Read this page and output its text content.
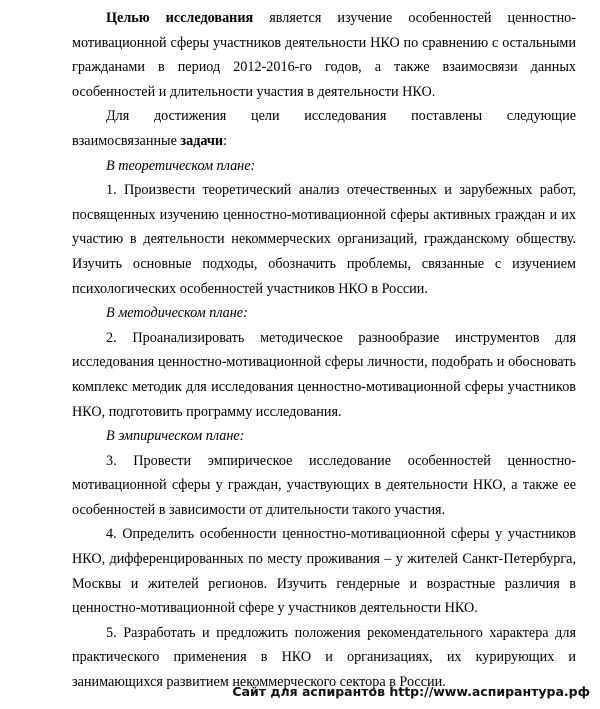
Целью исследования является изучение особенностей ценностно-мотивационной сферы участников деятельности НКО по сравнению с остальными гражданами в период 2012-2016-го годов, а также взаимосвязи данных особенностей и длительности участия в деятельности НКО.

Для достижения цели исследования поставлены следующие взаимосвязанные задачи:

В теоретическом плане:

1. Произвести теоретический анализ отечественных и зарубежных работ, посвященных изучению ценностно-мотивационной сферы активных граждан и их участию в деятельности некоммерческих организаций, гражданскому обществу. Изучить основные подходы, обозначить проблемы, связанные с изучением психологических особенностей участников НКО в России.

В методическом плане:

2. Проанализировать методическое разнообразие инструментов для исследования ценностно-мотивационной сферы личности, подобрать и обосновать комплекс методик для исследования ценностно-мотивационной сферы участников НКО, подготовить программу исследования.

В эмпирическом плане:

3. Провести эмпирическое исследование особенностей ценностно-мотивационной сферы у граждан, участвующих в деятельности НКО, а также ее особенностей в зависимости от длительности такого участия.

4. Определить особенности ценностно-мотивационной сферы у участников НКО, дифференцированных по месту проживания – у жителей Санкт-Петербурга, Москвы и жителей регионов. Изучить гендерные и возрастные различия в ценностно-мотивационной сфере у участников деятельности НКО.

5. Разработать и предложить положения рекомендательного характера для практического применения в НКО и организациях, их курирующих и занимающихся развитием некоммерческого сектора в России.

Сайт для аспирантов http://www.аспирантура.рф
